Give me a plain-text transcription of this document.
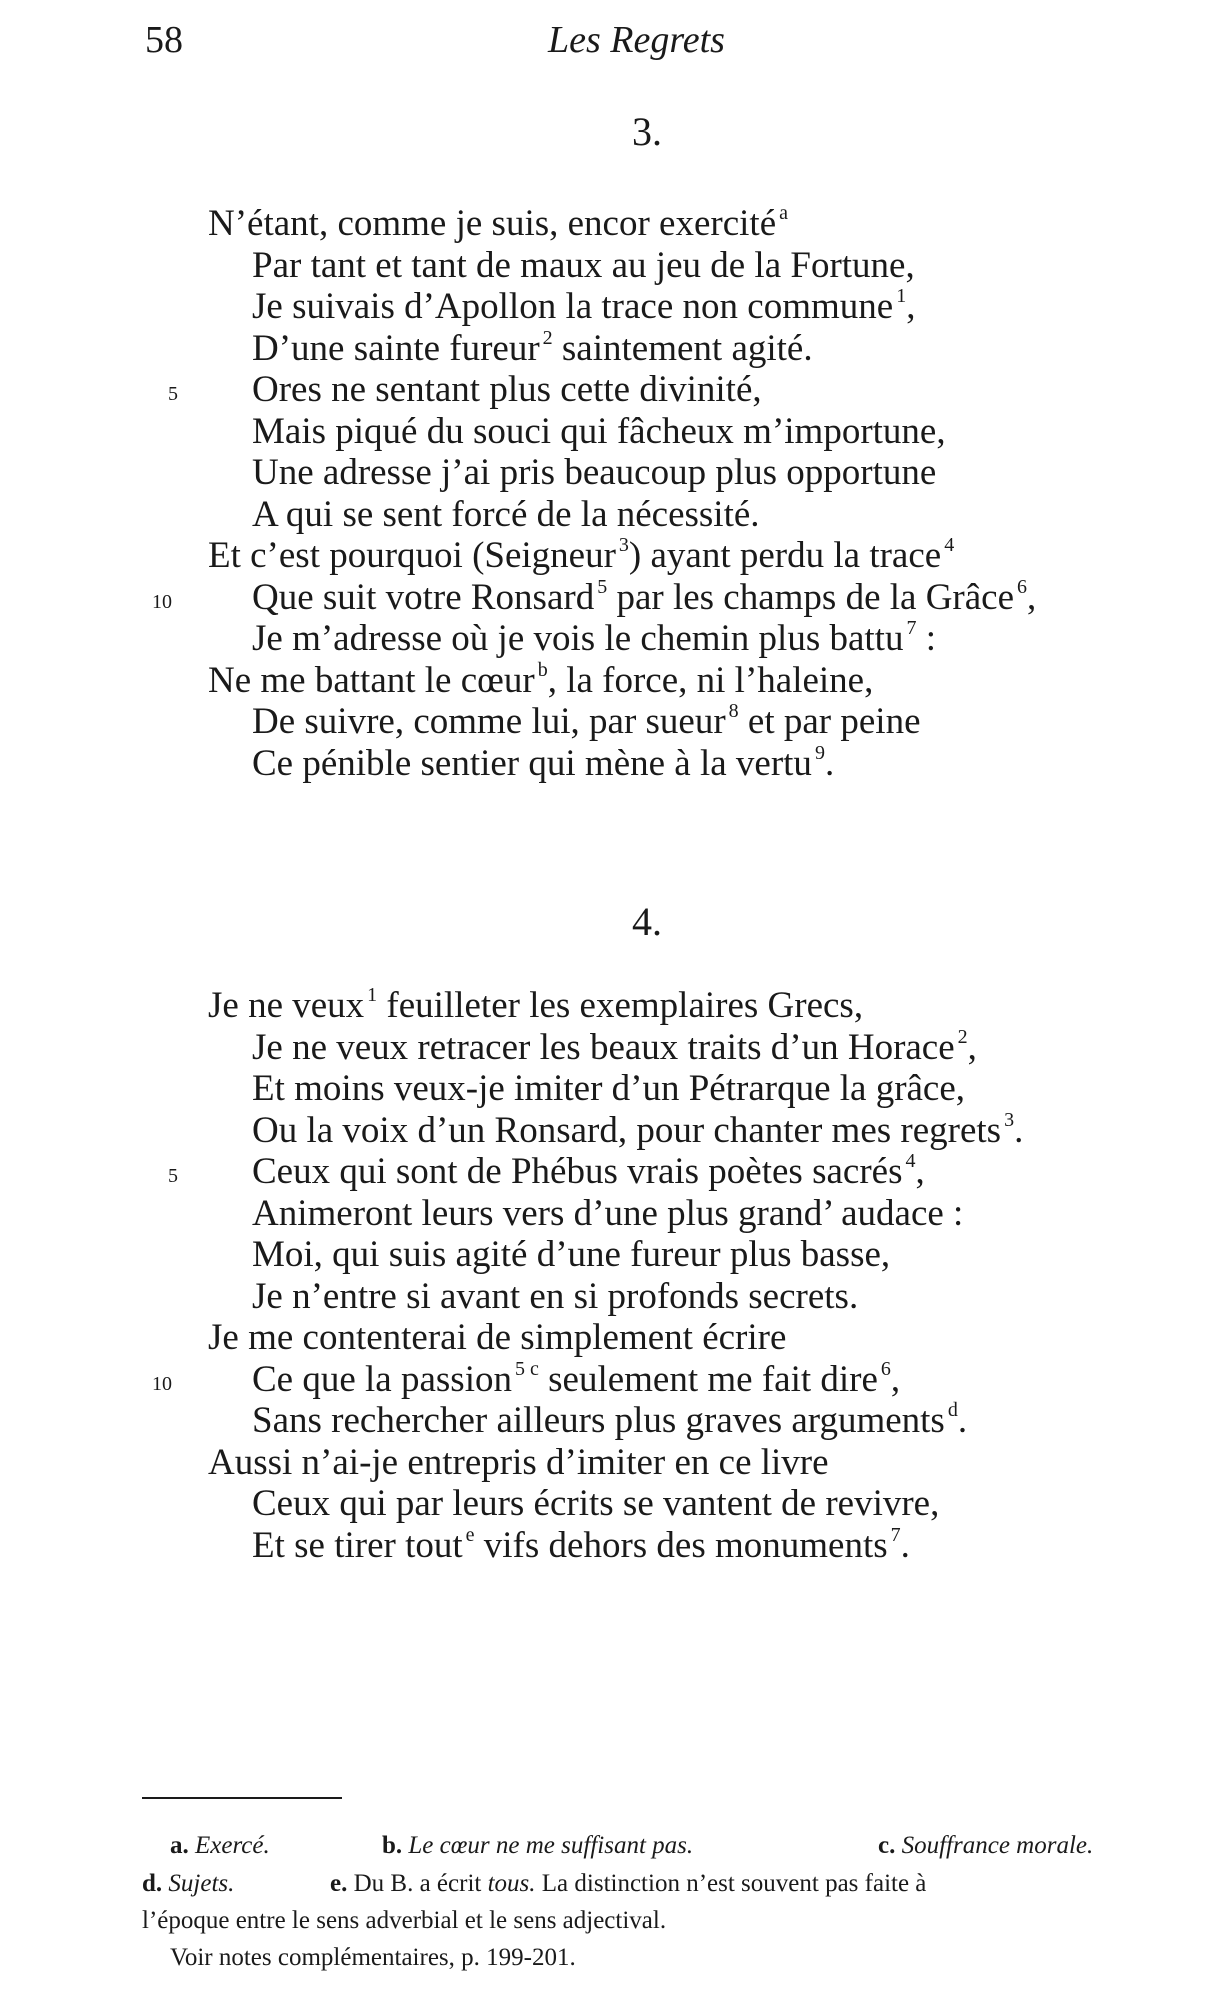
58	Les Regrets
3.
N’étant, comme je suis, encor exercité $^a$
Par tant et tant de maux au jeu de la Fortune,
Je suivais d’Apollon la trace non commune $^1$,
D’une sainte fureur $^2$ saintement agité.
Ores ne sentant plus cette divinité,
5
Mais piqué du souci qui fâcheux m’importune,
Une adresse j’ai pris beaucoup plus opportune
A qui se sent forcé de la nécessité.
Et c’est pourquoi (Seigneur $^3$) ayant perdu la trace $^4$
Que suit votre Ronsard $^5$ par les champs de la Grâce $^6$,
10
Je m’adresse où je vois le chemin plus battu $^7$ :
Ne me battant le cœur $^b$, la force, ni l’haleine,
De suivre, comme lui, par sueur $^8$ et par peine
Ce pénible sentier qui mène à la vertu $^9$.
4.
Je ne veux $^1$ feuilleter les exemplaires Grecs,
Je ne veux retracer les beaux traits d’un Horace $^2$,
Et moins veux-je imiter d’un Pétrarque la grâce,
Ou la voix d’un Ronsard, pour chanter mes regrets $^3$.
Ceux qui sont de Phébus vrais poètes sacrés $^4$,
5
Animeront leurs vers d’une plus grand’ audace :
Moi, qui suis agité d’une fureur plus basse,
Je n’entre si avant en si profonds secrets.
Je me contenterai de simplement écrire
Ce que la passion $^{5 c}$ seulement me fait dire $^6$,
10
Sans rechercher ailleurs plus graves arguments $^d$.
Aussi n’ai-je entrepris d’imiter en ce livre
Ceux qui par leurs écrits se vantent de revivre,
Et se tirer tout $^e$ vifs dehors des monuments $^7$.
a. Exercé.	b. Le cœur ne me suffisant pas.	c. Souffrance morale.
d. Sujets.	e. Du B. a écrit tous. La distinction n’est souvent pas faite à
l’époque entre le sens adverbial et le sens adjectival.
Voir notes complémentaires, p. 199-201.
